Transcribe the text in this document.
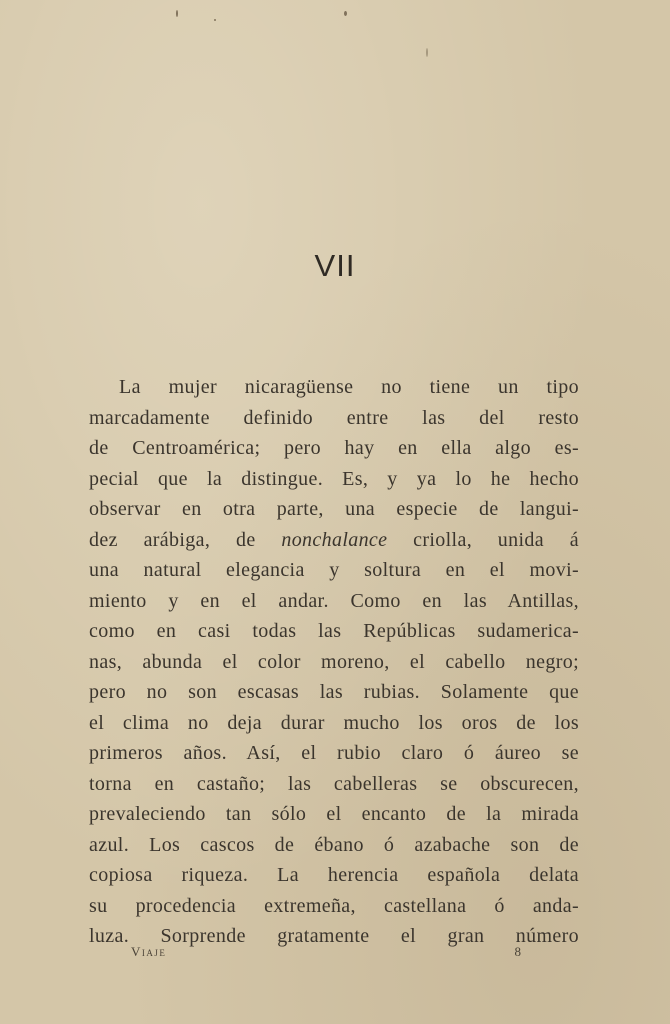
VII
La mujer nicaragüense no tiene un tipo
marcadamente definido entre las del resto
de Centroamérica; pero hay en ella algo es-
pecial que la distingue. Es, y ya lo he hecho
observar en otra parte, una especie de langui-
dez arábiga, de nonchalance criolla, unida á
una natural elegancia y soltura en el movi-
miento y en el andar. Como en las Antillas,
como en casi todas las Repúblicas sudamerica-
nas, abunda el color moreno, el cabello negro;
pero no son escasas las rubias. Solamente que
el clima no deja durar mucho los oros de los
primeros años. Así, el rubio claro ó áureo se
torna en castaño; las cabelleras se obscurecen,
prevaleciendo tan sólo el encanto de la mirada
azul. Los cascos de ébano ó azabache son de
copiosa riqueza. La herencia española delata
su procedencia extremeña, castellana ó anda-
luza. Sorprende gratamente el gran número
Viaje	8
